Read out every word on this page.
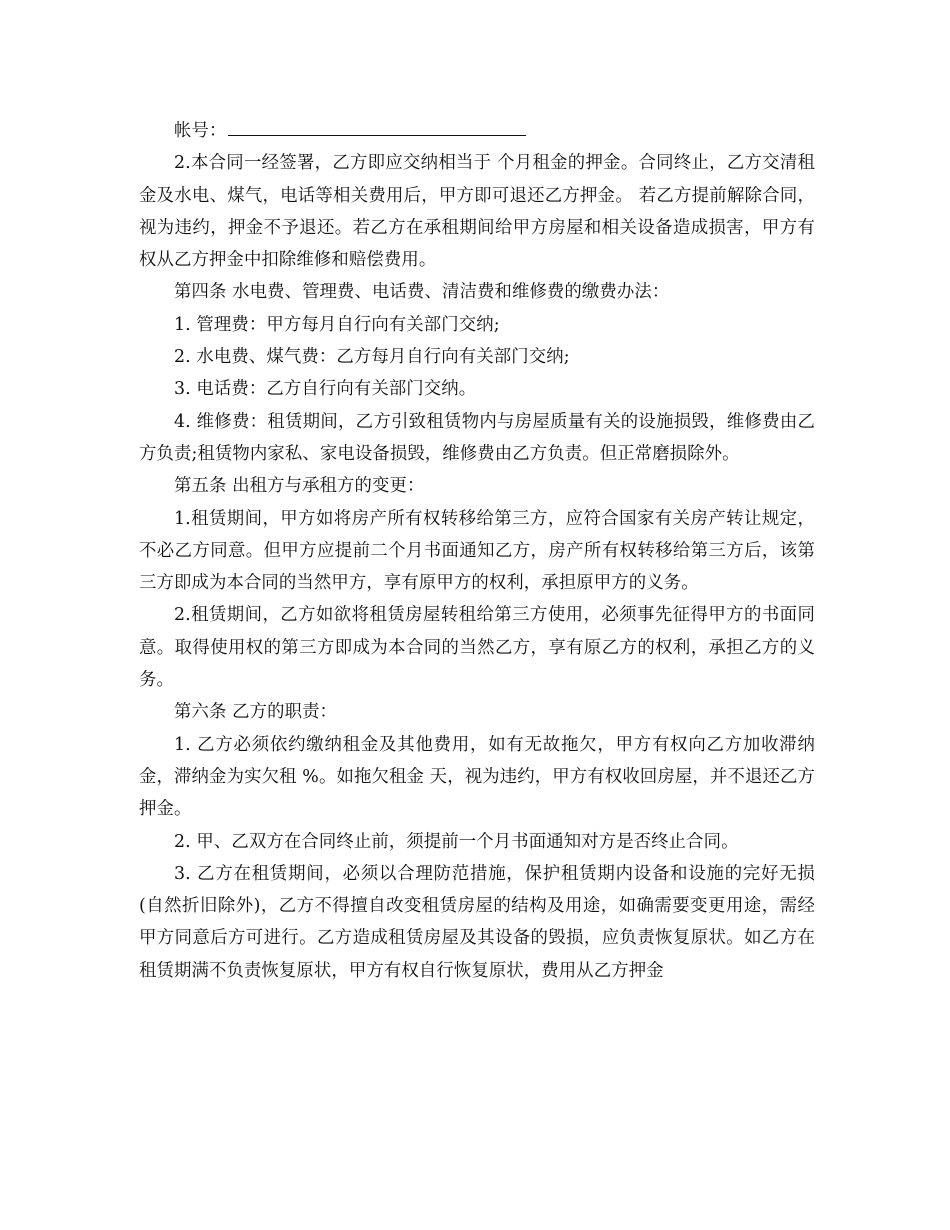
帐号：

2.本合同一经签署，乙方即应交纳相当于 个月租金的押金。合同终止，乙方交清租金及水电、煤气，电话等相关费用后，甲方即可退还乙方押金。 若乙方提前解除合同，视为违约，押金不予退还。若乙方在承租期间给甲方房屋和相关设备造成损害，甲方有权从乙方押金中扣除维修和赔偿费用。

第四条 水电费、管理费、电话费、清洁费和维修费的缴费办法：

1. 管理费：甲方每月自行向有关部门交纳;

2. 水电费、煤气费：乙方每月自行向有关部门交纳;

3. 电话费：乙方自行向有关部门交纳。

4. 维修费：租赁期间，乙方引致租赁物内与房屋质量有关的设施损毁，维修费由乙方负责;租赁物内家私、家电设备损毁，维修费由乙方负责。但正常磨损除外。

第五条 出租方与承租方的变更：

1.租赁期间，甲方如将房产所有权转移给第三方，应符合国家有关房产转让规定，不必乙方同意。但甲方应提前二个月书面通知乙方，房产所有权转移给第三方后，该第三方即成为本合同的当然甲方，享有原甲方的权利，承担原甲方的义务。

2.租赁期间，乙方如欲将租赁房屋转租给第三方使用，必须事先征得甲方的书面同意。取得使用权的第三方即成为本合同的当然乙方，享有原乙方的权利，承担乙方的义务。

第六条 乙方的职责：

1. 乙方必须依约缴纳租金及其他费用，如有无故拖欠，甲方有权向乙方加收滞纳金，滞纳金为实欠租 %。如拖欠租金 天，视为违约，甲方有权收回房屋，并不退还乙方押金。

2. 甲、乙双方在合同终止前，须提前一个月书面通知对方是否终止合同。

3. 乙方在租赁期间，必须以合理防范措施，保护租赁期内设备和设施的完好无损(自然折旧除外)，乙方不得擅自改变租赁房屋的结构及用途，如确需要变更用途，需经甲方同意后方可进行。乙方造成租赁房屋及其设备的毁损，应负责恢复原状。如乙方在租赁期满不负责恢复原状，甲方有权自行恢复原状，费用从乙方押金
